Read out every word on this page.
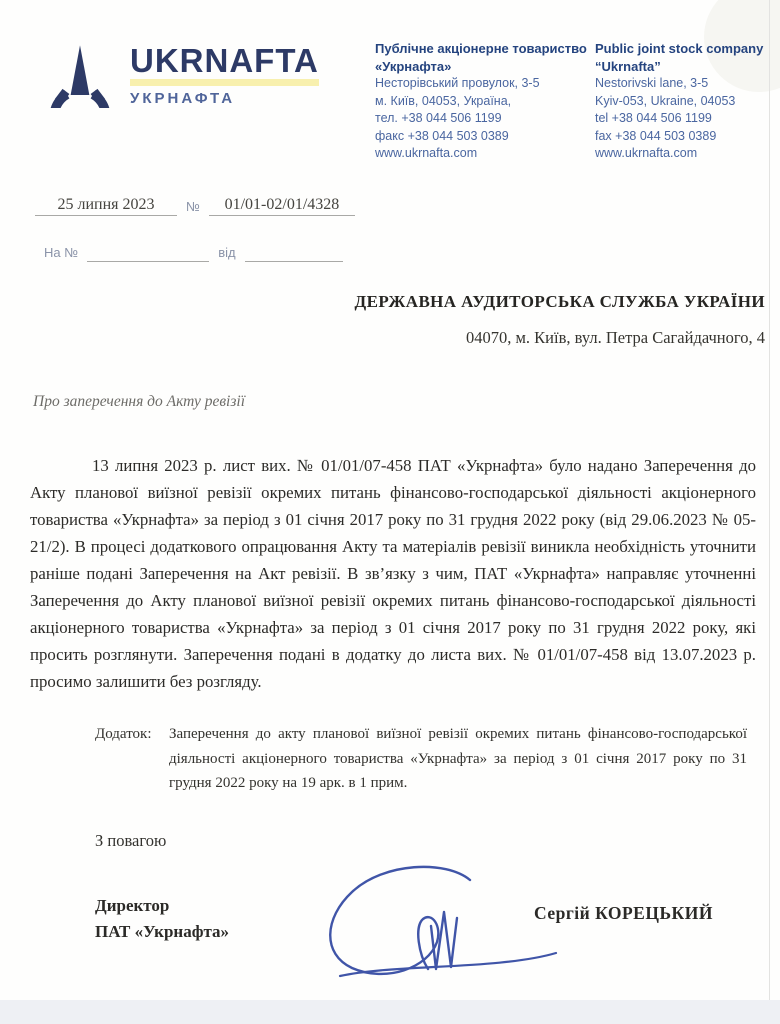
UKRNAFTA
УКРНАФТА
Публічне акціонерне товариство
«Укрнафта»
Несторівський провулок, 3-5
м. Київ, 04053, Україна,
тел. +38 044 506 1199
факс +38 044 503 0389
www.ukrnafta.com
Public joint stock company
“Ukrnafta”
Nestorivski lane, 3-5
Kyiv-053, Ukraine, 04053
tel +38 044 506 1199
fax +38 044 503 0389
www.ukrnafta.com
25 липня 2023	№	01/01-02/01/4328
На №	від
ДЕРЖАВНА АУДИТОРСЬКА СЛУЖБА УКРАЇНИ
04070, м. Київ, вул. Петра Сагайдачного, 4
Про заперечення до Акту ревізії
13 липня 2023 р. лист вих. № 01/01/07-458 ПАТ «Укрнафта» було надано Заперечення до Акту планової виїзної ревізії окремих питань фінансово-господарської діяльності акціонерного товариства «Укрнафта» за період з 01 січня 2017 року по 31 грудня 2022 року (від 29.06.2023 № 05-21/2). В процесі додаткового опрацювання Акту та матеріалів ревізії виникла необхідність уточнити раніше подані Заперечення на Акт ревізії. В зв’язку з чим, ПАТ «Укрнафта» направляє уточненні Заперечення до Акту планової виїзної ревізії окремих питань фінансово-господарської діяльності акціонерного товариства «Укрнафта» за період з 01 січня 2017 року по 31 грудня 2022 року, які просить розглянути. Заперечення подані в додатку до листа вих. № 01/01/07-458 від 13.07.2023 р. просимо залишити без розгляду.
Додаток:	Заперечення до акту планової виїзної ревізії окремих питань фінансово-господарської діяльності акціонерного товариства «Укрнафта» за період з 01 січня 2017 року по 31 грудня 2022 року на 19 арк. в 1 прим.
З повагою
Директор
ПАТ «Укрнафта»
Сергій КОРЕЦЬКИЙ
